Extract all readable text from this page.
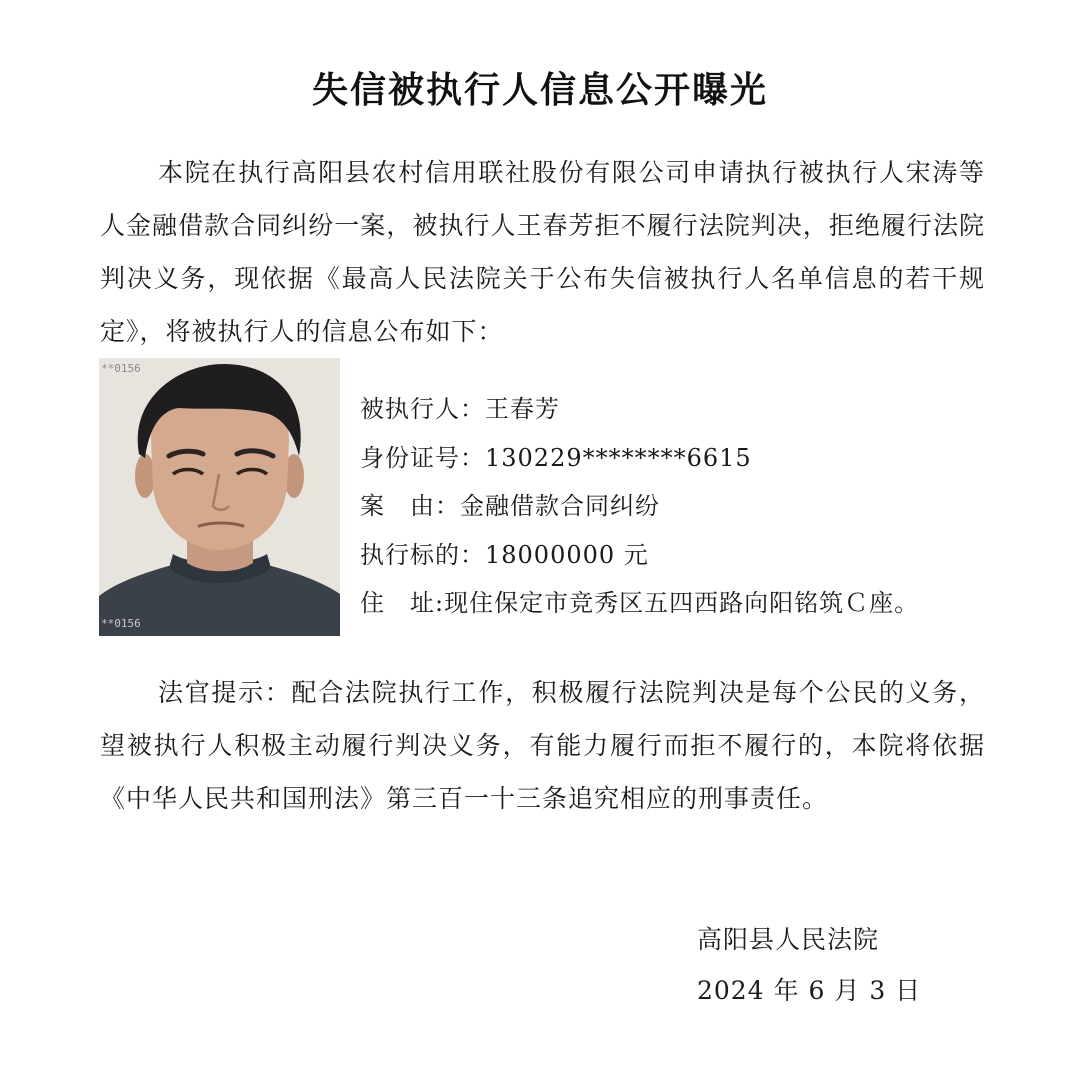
失信被执行人信息公开曝光
本院在执行高阳县农村信用联社股份有限公司申请执行被执行人宋涛等人金融借款合同纠纷一案，被执行人王春芳拒不履行法院判决，拒绝履行法院判决义务，现依据《最高人民法院关于公布失信被执行人名单信息的若干规定》，将被执行人的信息公布如下：
**0156
**0156
被执行人：王春芳
身份证号：130229********6615
案　由：金融借款合同纠纷
执行标的：18000000 元
住　址:现住保定市竞秀区五四西路向阳铭筑Ｃ座。
法官提示：配合法院执行工作，积极履行法院判决是每个公民的义务，望被执行人积极主动履行判决义务，有能力履行而拒不履行的，本院将依据《中华人民共和国刑法》第三百一十三条追究相应的刑事责任。
高阳县人民法院
2024 年 6 月 3 日
